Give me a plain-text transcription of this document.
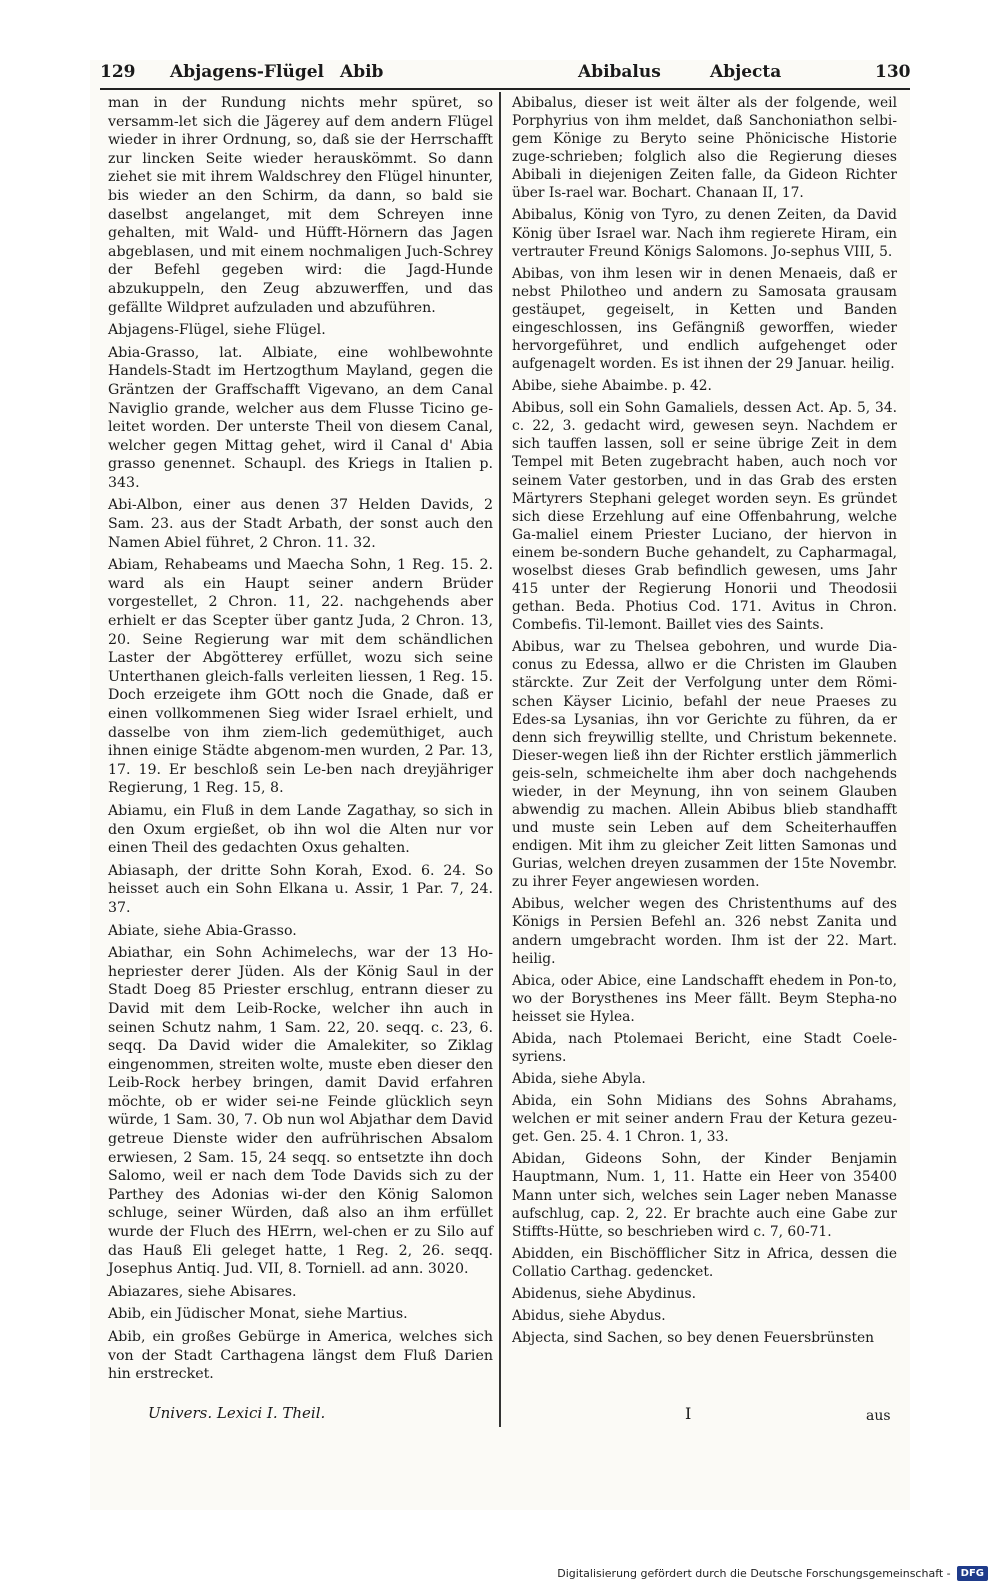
129 Abjagens-Flügel Abib	Abibalus	Abjecta	130

man in der Rundung nichts mehr spüret, so versamm-let sich die Jägerey auf dem andern Flügel wieder in ihrer Ordnung, so, daß sie der Herrschafft zur lincken Seite wieder herauskömmt. So dann ziehet sie mit ihrem Waldschrey den Flügel hinunter, bis wieder an den Schirm, da dann, so bald sie daselbst angelanget, mit dem Schreyen inne gehalten, mit Wald- und Hüfft-Hörnern das Jagen abgeblasen, und mit einem nochmaligen Juch-Schrey der Befehl gegeben wird: die Jagd-Hunde abzukuppeln, den Zeug abzuwerffen, und das gefällte Wildpret aufzuladen und abzuführen.

Abjagens-Flügel, siehe Flügel.

Abia-Grasso, lat. Albiate, eine wohlbewohnte Handels-Stadt im Hertzogthum Mayland, gegen die Gräntzen der Graffschafft Vigevano, an dem Canal Naviglio grande, welcher aus dem Flusse Ticino ge-leitet worden. Der unterste Theil von diesem Canal, welcher gegen Mittag gehet, wird il Canal d' Abia grasso genennet. Schaupl. des Kriegs in Italien p. 343.

Abi-Albon, einer aus denen 37 Helden Davids, 2 Sam. 23. aus der Stadt Arbath, der sonst auch den Namen Abiel führet, 2 Chron. 11. 32.

Abiam, Rehabeams und Maecha Sohn, 1 Reg. 15. 2. ward als ein Haupt seiner andern Brüder vorgestellet, 2 Chron. 11, 22. nachgehends aber erhielt er das Scepter über gantz Juda, 2 Chron. 13, 20. Seine Regierung war mit dem schändlichen Laster der Abgötterey erfüllet, wozu sich seine Unterthanen gleich-falls verleiten liessen, 1 Reg. 15. Doch erzeigete ihm GOtt noch die Gnade, daß er einen vollkommenen Sieg wider Israel erhielt, und dasselbe von ihm ziem-lich gedemüthiget, auch ihnen einige Städte abgenom-men wurden, 2 Par. 13, 17. 19. Er beschloß sein Le-ben nach dreyjähriger Regierung, 1 Reg. 15, 8.

Abiamu, ein Fluß in dem Lande Zagathay, so sich in den Oxum ergießet, ob ihn wol die Alten nur vor einen Theil des gedachten Oxus gehalten.

Abiasaph, der dritte Sohn Korah, Exod. 6. 24. So heisset auch ein Sohn Elkana u. Assir, 1 Par. 7, 24. 37.

Abiate, siehe Abia-Grasso.

Abiathar, ein Sohn Achimelechs, war der 13 Ho-hepriester derer Jüden. Als der König Saul in der Stadt Doeg 85 Priester erschlug, entrann dieser zu David mit dem Leib-Rocke, welcher ihn auch in seinen Schutz nahm, 1 Sam. 22, 20. seqq. c. 23, 6. seqq. Da David wider die Amalekiter, so Ziklag eingenommen, streiten wolte, muste eben dieser den Leib-Rock herbey bringen, damit David erfahren möchte, ob er wider sei-ne Feinde glücklich seyn würde, 1 Sam. 30, 7. Ob nun wol Abjathar dem David getreue Dienste wider den aufrührischen Absalom erwiesen, 2 Sam. 15, 24 seqq. so entsetzte ihn doch Salomo, weil er nach dem Tode Davids sich zu der Parthey des Adonias wi-der den König Salomon schluge, seiner Würden, daß also an ihm erfüllet wurde der Fluch des HErrn, wel-chen er zu Silo auf das Hauß Eli geleget hatte, 1 Reg. 2, 26. seqq. Josephus Antiq. Jud. VII, 8. Torniell. ad ann. 3020.

Abiazares, siehe Abisares.

Abib, ein Jüdischer Monat, siehe Martius.

Abib, ein großes Gebürge in America, welches sich von der Stadt Carthagena längst dem Fluß Darien hin erstrecket.

Abibalus, dieser ist weit älter als der folgende, weil Porphyrius von ihm meldet, daß Sanchoniathon selbi-gem Könige zu Beryto seine Phönicische Historie zuge-schrieben; folglich also die Regierung dieses Abibali in diejenigen Zeiten falle, da Gideon Richter über Is-rael war. Bochart. Chanaan II, 17.

Abibalus, König von Tyro, zu denen Zeiten, da David König über Israel war. Nach ihm regierete Hiram, ein vertrauter Freund Königs Salomons. Jo-sephus VIII, 5.

Abibas, von ihm lesen wir in denen Menaeis, daß er nebst Philotheo und andern zu Samosata grausam gestäupet, gegeiselt, in Ketten und Banden eingeschlossen, ins Gefängniß geworffen, wieder hervorgeführet, und endlich aufgehenget oder aufgenagelt worden. Es ist ihnen der 29 Januar. heilig.

Abibe, siehe Abaimbe. p. 42.

Abibus, soll ein Sohn Gamaliels, dessen Act. Ap. 5, 34. c. 22, 3. gedacht wird, gewesen seyn. Nachdem er sich tauffen lassen, soll er seine übrige Zeit in dem Tempel mit Beten zugebracht haben, auch noch vor seinem Vater gestorben, und in das Grab des ersten Märtyrers Stephani geleget worden seyn. Es gründet sich diese Erzehlung auf eine Offenbahrung, welche Ga-maliel einem Priester Luciano, der hiervon in einem be-sondern Buche gehandelt, zu Capharmagal, woselbst dieses Grab befindlich gewesen, ums Jahr 415 unter der Regierung Honorii und Theodosii gethan. Beda. Photius Cod. 171. Avitus in Chron. Combefis. Til-lemont. Baillet vies des Saints.

Abibus, war zu Thelsea gebohren, und wurde Dia-conus zu Edessa, allwo er die Christen im Glauben stärckte. Zur Zeit der Verfolgung unter dem Römi-schen Käyser Licinio, befahl der neue Praeses zu Edes-sa Lysanias, ihn vor Gerichte zu führen, da er denn sich freywillig stellte, und Christum bekennete. Dieser-wegen ließ ihn der Richter erstlich jämmerlich geis-seln, schmeichelte ihm aber doch nachgehends wieder, in der Meynung, ihn von seinem Glauben abwendig zu machen. Allein Abibus blieb standhafft und muste sein Leben auf dem Scheiterhauffen endigen. Mit ihm zu gleicher Zeit litten Samonas und Gurias, welchen dreyen zusammen der 15te Novembr. zu ihrer Feyer angewiesen worden.

Abibus, welcher wegen des Christenthums auf des Königs in Persien Befehl an. 326 nebst Zanita und andern umgebracht worden. Ihm ist der 22. Mart. heilig.

Abica, oder Abice, eine Landschafft ehedem in Pon-to, wo der Borysthenes ins Meer fällt. Beym Stepha-no heisset sie Hylea.

Abida, nach Ptolemaei Bericht, eine Stadt Coele-syriens.

Abida, siehe Abyla.

Abida, ein Sohn Midians des Sohns Abrahams, welchen er mit seiner andern Frau der Ketura gezeu-get. Gen. 25. 4. 1 Chron. 1, 33.

Abidan, Gideons Sohn, der Kinder Benjamin Hauptmann, Num. 1, 11. Hatte ein Heer von 35400 Mann unter sich, welches sein Lager neben Manasse aufschlug, cap. 2, 22. Er brachte auch eine Gabe zur Stiffts-Hütte, so beschrieben wird c. 7, 60-71.

Abidden, ein Bischöfflicher Sitz in Africa, dessen die Collatio Carthag. gedencket.

Abidenus, siehe Abydinus.

Abidus, siehe Abydus.

Abjecta, sind Sachen, so bey denen Feuersbrünsten

Univers. Lexici I. Theil.	I	aus
Digitalisierung gefördert durch die Deutsche Forschungsgemeinschaft -	DFG
